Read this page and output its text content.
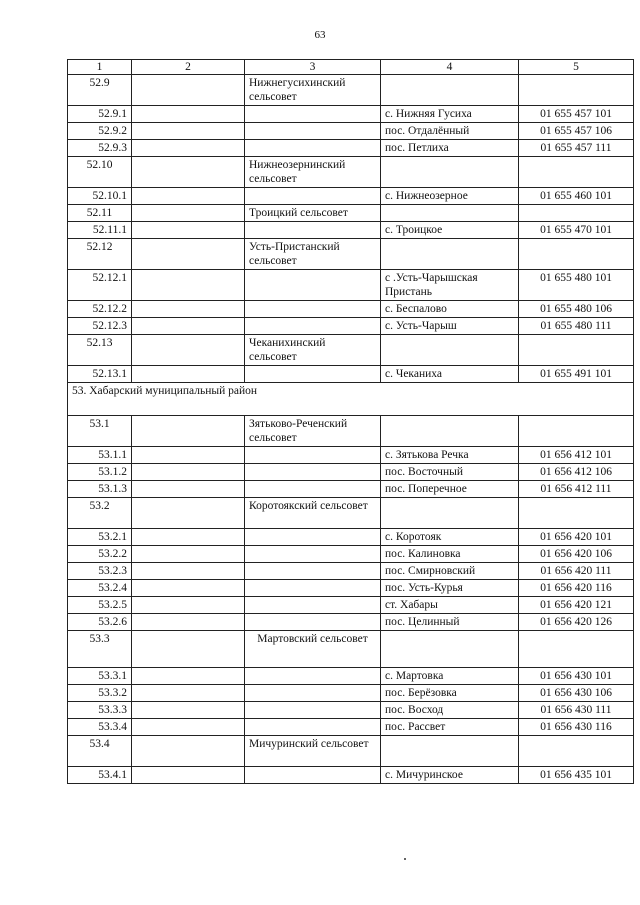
63
1	2	3	4	5
52.9		Нижнегусихинский сельсовет		
52.9.1			с. Нижняя Гусиха	01 655 457 101
52.9.2			пос. Отдалённый	01 655 457 106
52.9.3			пос. Петлиха	01 655 457 111
52.10		Нижнеозернинский сельсовет		
52.10.1			с. Нижнеозерное	01 655 460 101
52.11		Троицкий сельсовет		
52.11.1			с. Троицкое	01 655 470 101
52.12		Усть-Пристанский сельсовет		
52.12.1			с .Усть-Чарышская Пристань	01 655 480 101
52.12.2			с. Беспалово	01 655 480 106
52.12.3			с. Усть-Чарыш	01 655 480 111
52.13		Чеканихинский сельсовет		
52.13.1			с. Чеканиха	01 655 491 101
53. Хабарский муниципальный район				
53.1		Зятьково-Реченский сельсовет		
53.1.1			с. Зятькова Речка	01 656 412 101
53.1.2			пос. Восточный	01 656 412 106
53.1.3			пос. Поперечное	01 656 412 111
53.2		Коротоякский сельсовет		
53.2.1			с. Коротояк	01 656 420 101
53.2.2			пос. Калиновка	01 656 420 106
53.2.3			пос. Смирновский	01 656 420 111
53.2.4			пос. Усть-Курья	01 656 420 116
53.2.5			ст. Хабары	01 656 420 121
53.2.6			пос. Целинный	01 656 420 126
53.3		Мартовский сельсовет		
53.3.1			с. Мартовка	01 656 430 101
53.3.2			пос. Берёзовка	01 656 430 106
53.3.3			пос. Восход	01 656 430 111
53.3.4			пос. Рассвет	01 656 430 116
53.4		Мичуринский сельсовет		
53.4.1			с. Мичуринское	01 656 435 101
